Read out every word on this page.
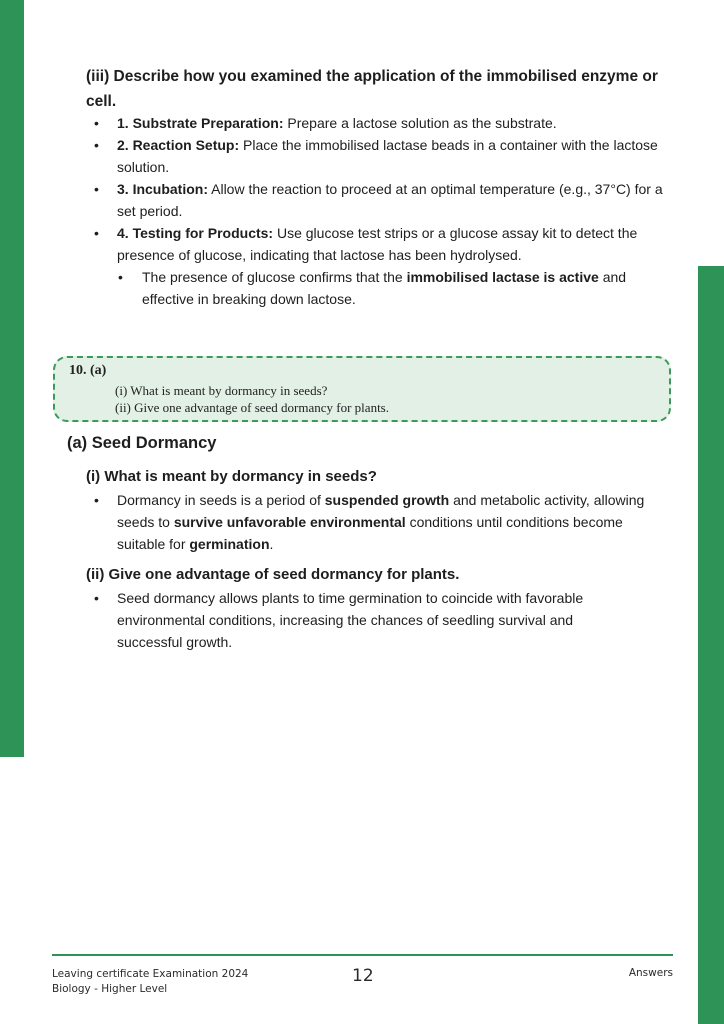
(iii) Describe how you examined the application of the immobilised enzyme or cell.
• 1. Substrate Preparation: Prepare a lactose solution as the substrate.
• 2. Reaction Setup: Place the immobilised lactase beads in a container with the lactose solution.
• 3. Incubation: Allow the reaction to proceed at an optimal temperature (e.g., 37°C) for a set period.
• 4. Testing for Products: Use glucose test strips or a glucose assay kit to detect the presence of glucose, indicating that lactose has been hydrolysed.
• The presence of glucose confirms that the immobilised lactase is active and effective in breaking down lactose.
10. (a)
(i) What is meant by dormancy in seeds?
(ii) Give one advantage of seed dormancy for plants.
(a) Seed Dormancy
(i) What is meant by dormancy in seeds?
• Dormancy in seeds is a period of suspended growth and metabolic activity, allowing seeds to survive unfavorable environmental conditions until conditions become suitable for germination.
(ii) Give one advantage of seed dormancy for plants.
• Seed dormancy allows plants to time germination to coincide with favorable environmental conditions, increasing the chances of seedling survival and successful growth.
Leaving certificate Examination 2024
Biology - Higher Level
12	Answers
